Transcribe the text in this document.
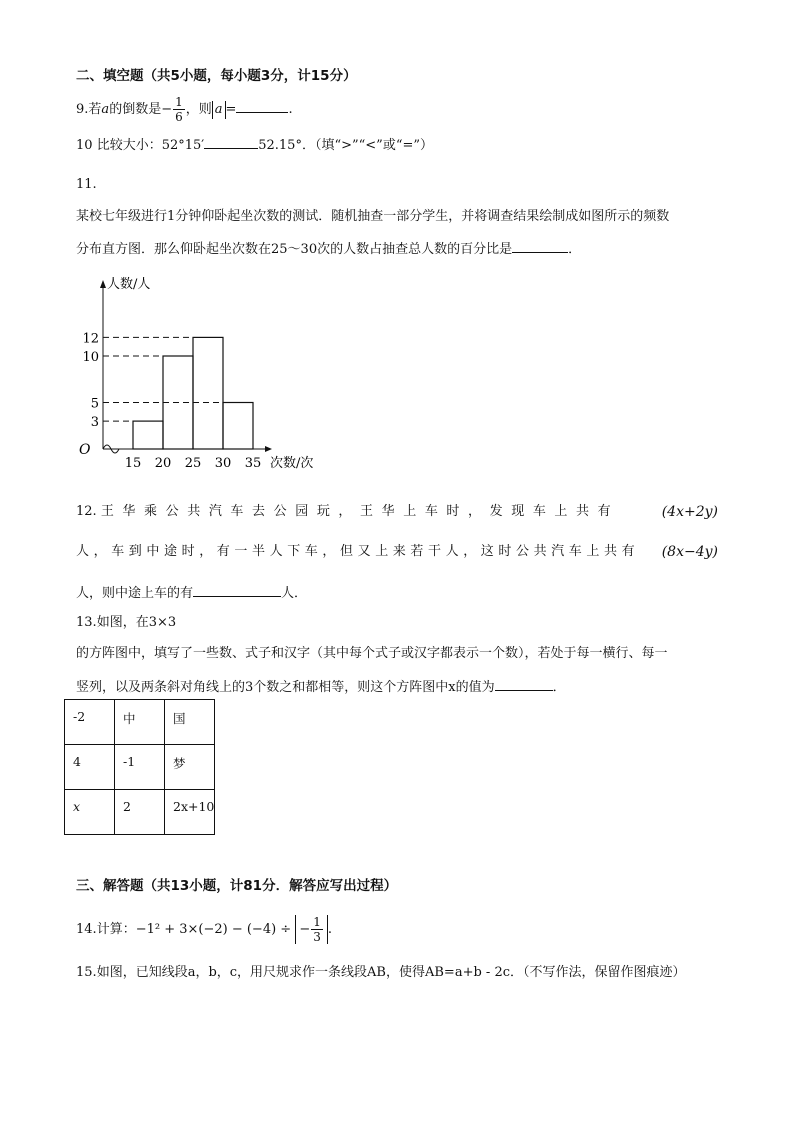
二、填空题（共5小题，每小题3分，计15分）
9.若a的倒数是− $\frac{1}{6}$ ，则 a =	.
10 比较大小：52°15′	52.15°．（填“>”“<”或“=”）
11.
某校七年级进行1分钟仰卧起坐次数的测试．随机抽查一部分学生，并将调查结果绘制成如图所示的频数
分布直方图．那么仰卧起坐次数在25～30次的人数占抽查总人数的百分比是	．
3
5
10
12
15 20 25 30 35
O
人数/人
次数/次
12. 王华乘公共汽车去公园玩，王华上车时，发现车上共有	(4x+2y)
人，车到中途时，有一半人下车，但又上来若干人，这时公共汽车上共有 (8x−4y)
人，则中途上车的有	人．
13.如图，在3×3
的方阵图中，填写了一些数、式子和汉字（其中每个式子或汉字都表示一个数），若处于每一横行、每一
竖列，以及两条斜对角线上的3个数之和都相等，则这个方阵图中x的值为	．
-2	中	国
4	-1	梦
x	2	2x+10
三、解答题（共13小题，计81分．解答应写出过程）
14.计算：−1² + 3×(−2) − (−4) ÷ − $\frac{1}{3}$ .
15.如图，已知线段a，b，c，用尺规求作一条线段AB，使得AB=a+b - 2c．（不写作法，保留作图痕迹）
